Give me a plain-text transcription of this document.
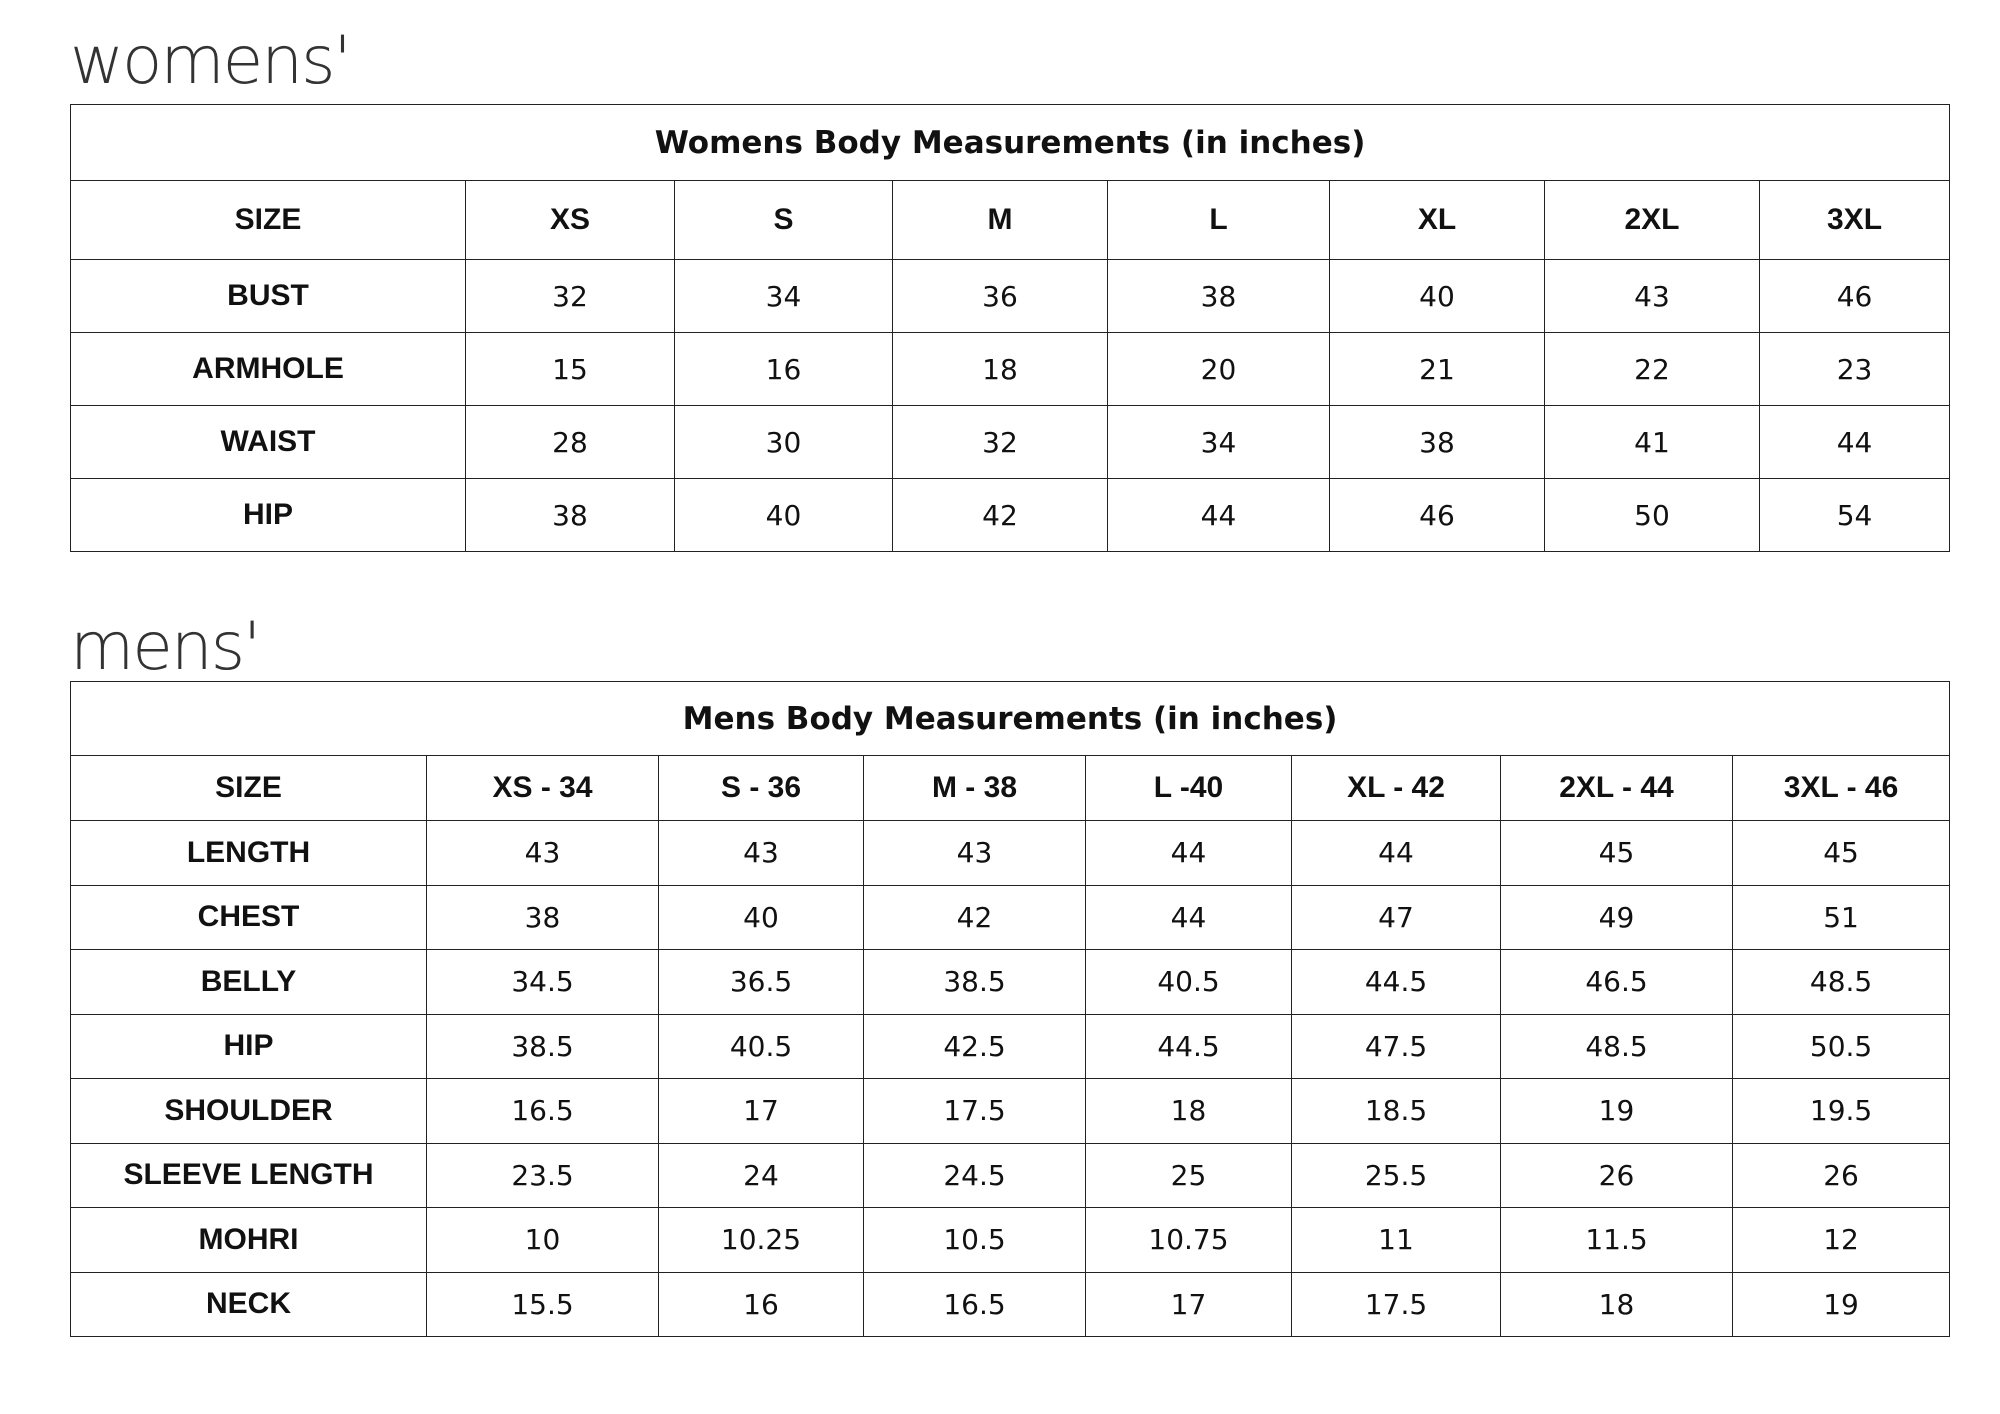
womens'
Womens Body Measurements (in inches)							
SIZE	XS	S	M	L	XL	2XL	3XL
BUST	32	34	36	38	40	43	46
ARMHOLE	15	16	18	20	21	22	23
WAIST	28	30	32	34	38	41	44
HIP	38	40	42	44	46	50	54
mens'
Mens Body Measurements (in inches)							
SIZE	XS - 34	S - 36	M - 38	L -40	XL - 42	2XL - 44	3XL - 46
LENGTH	43	43	43	44	44	45	45
CHEST	38	40	42	44	47	49	51
BELLY	34.5	36.5	38.5	40.5	44.5	46.5	48.5
HIP	38.5	40.5	42.5	44.5	47.5	48.5	50.5
SHOULDER	16.5	17	17.5	18	18.5	19	19.5
SLEEVE LENGTH	23.5	24	24.5	25	25.5	26	26
MOHRI	10	10.25	10.5	10.75	11	11.5	12
NECK	15.5	16	16.5	17	17.5	18	19
